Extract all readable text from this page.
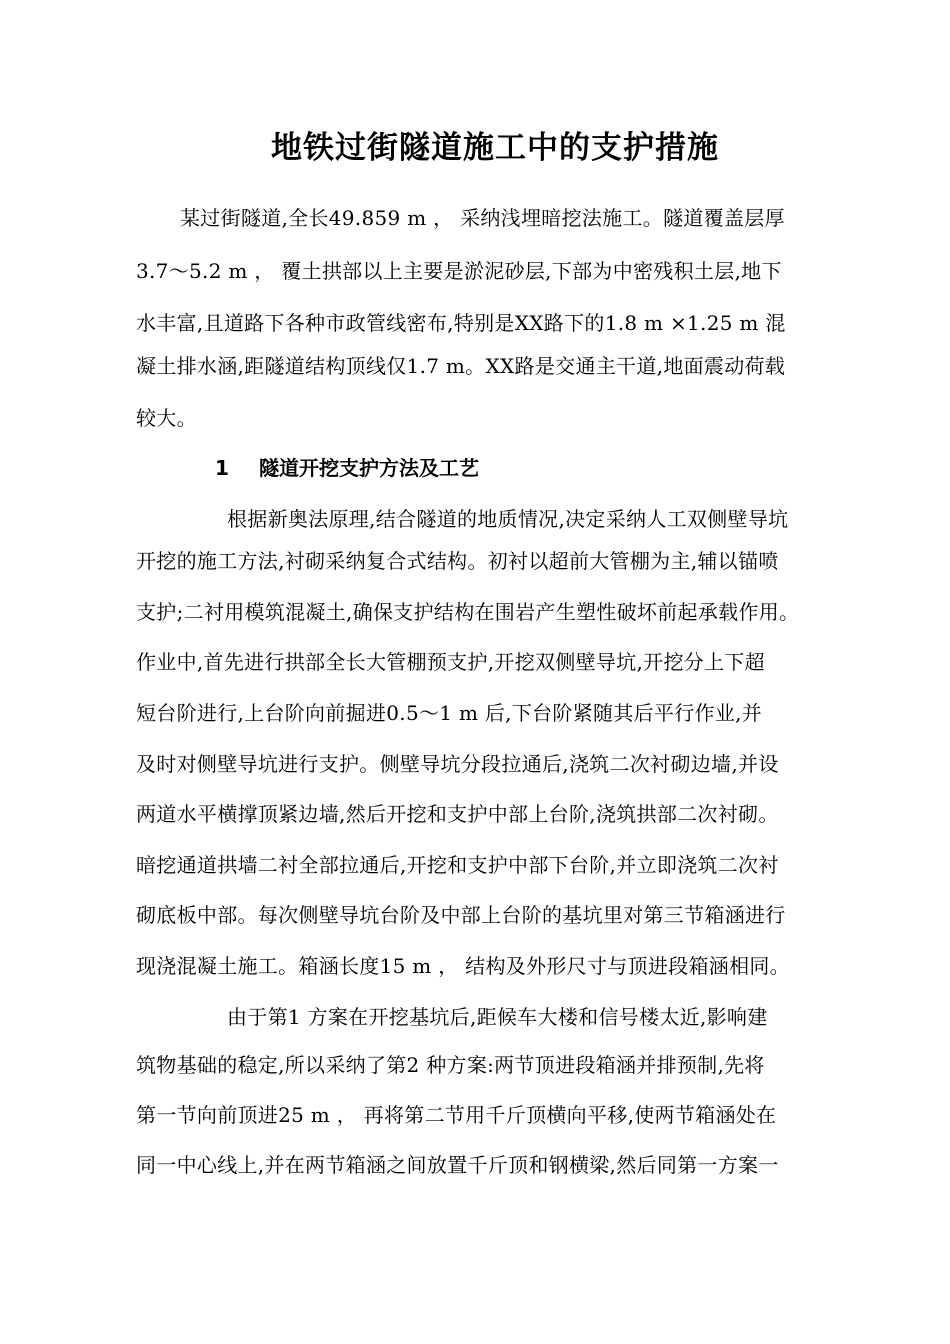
地铁过街隧道施工中的支护措施
某过街隧道,全长49.859 m ， 采纳浅埋暗挖法施工。隧道覆盖层厚
3.7～5.2 m ， 覆土拱部以上主要是淤泥砂层,下部为中密残积土层,地下
水丰富,且道路下各种市政管线密布,特别是XX路下的1.8 m ×1.25 m 混
凝土排水涵,距隧道结构顶线仅1.7 m。XX路是交通主干道,地面震动荷载
较大。
1 隧道开挖支护方法及工艺
根据新奥法原理,结合隧道的地质情况,决定采纳人工双侧壁导坑
开挖的施工方法,衬砌采纳复合式结构。初衬以超前大管棚为主,辅以锚喷
支护;二衬用模筑混凝土,确保支护结构在围岩产生塑性破坏前起承载作用。
作业中,首先进行拱部全长大管棚预支护,开挖双侧壁导坑,开挖分上下超
短台阶进行,上台阶向前掘进0.5～1 m 后,下台阶紧随其后平行作业,并
及时对侧壁导坑进行支护。侧壁导坑分段拉通后,浇筑二次衬砌边墙,并设
两道水平横撑顶紧边墙,然后开挖和支护中部上台阶,浇筑拱部二次衬砌。
暗挖通道拱墙二衬全部拉通后,开挖和支护中部下台阶,并立即浇筑二次衬
砌底板中部。每次侧壁导坑台阶及中部上台阶的基坑里对第三节箱涵进行
现浇混凝土施工。箱涵长度15 m ， 结构及外形尺寸与顶进段箱涵相同。
由于第1 方案在开挖基坑后,距候车大楼和信号楼太近,影响建
筑物基础的稳定,所以采纳了第2 种方案:两节顶进段箱涵并排预制,先将
第一节向前顶进25 m ， 再将第二节用千斤顶横向平移,使两节箱涵处在
同一中心线上,并在两节箱涵之间放置千斤顶和钢横梁,然后同第一方案一
